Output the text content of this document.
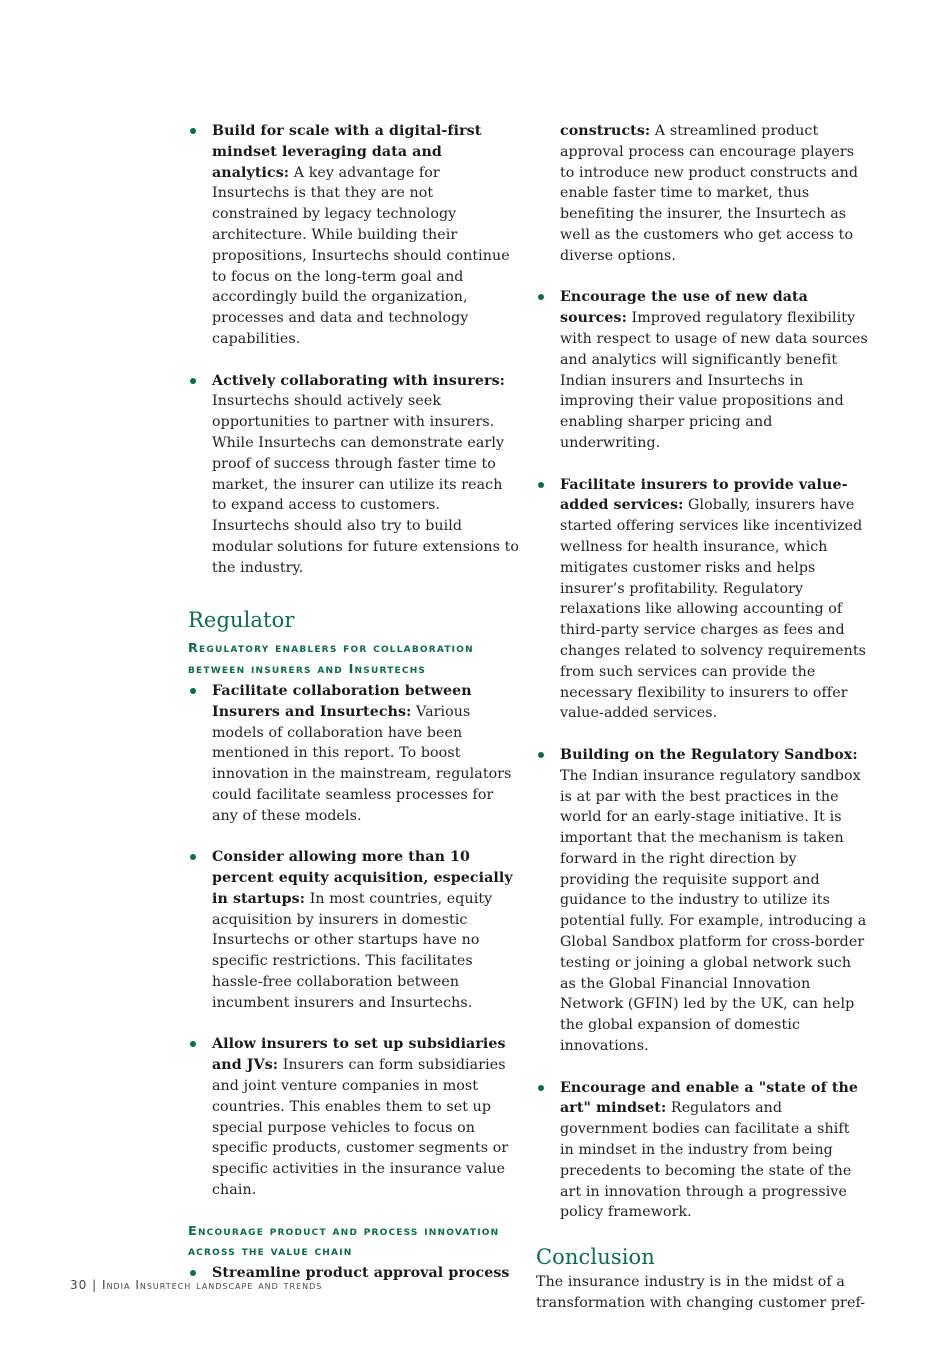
Build for scale with a digital-first mindset leveraging data and analytics: A key advantage for Insurtechs is that they are not constrained by legacy technology architecture. While building their propositions, Insurtechs should continue to focus on the long-term goal and accordingly build the organization, processes and data and technology capabilities.
Actively collaborating with insurers: Insurtechs should actively seek opportunities to partner with insurers. While Insurtechs can demonstrate early proof of success through faster time to market, the insurer can utilize its reach to expand access to customers. Insurtechs should also try to build modular solutions for future extensions to the industry.
Regulator
Regulatory enablers for collaboration between insurers and Insurtechs
Facilitate collaboration between Insurers and Insurtechs: Various models of collaboration have been mentioned in this report. To boost innovation in the mainstream, regulators could facilitate seamless processes for any of these models.
Consider allowing more than 10 percent equity acquisition, especially in startups: In most countries, equity acquisition by insurers in domestic Insurtechs or other startups have no specific restrictions. This facilitates hassle-free collaboration between incumbent insurers and Insurtechs.
Allow insurers to set up subsidiaries and JVs: Insurers can form subsidiaries and joint venture companies in most countries. This enables them to set up special purpose vehicles to focus on specific products, customer segments or specific activities in the insurance value chain.
Encourage product and process innovation across the value chain
Streamline product approval process
constructs: A streamlined product approval process can encourage players to introduce new product constructs and enable faster time to market, thus benefiting the insurer, the Insurtech as well as the customers who get access to diverse options.
Encourage the use of new data sources: Improved regulatory flexibility with respect to usage of new data sources and analytics will significantly benefit Indian insurers and Insurtechs in improving their value propositions and enabling sharper pricing and underwriting.
Facilitate insurers to provide value-added services: Globally, insurers have started offering services like incentivized wellness for health insurance, which mitigates customer risks and helps insurer’s profitability. Regulatory relaxations like allowing accounting of third-party service charges as fees and changes related to solvency requirements from such services can provide the necessary flexibility to insurers to offer value-added services.
Building on the Regulatory Sandbox: The Indian insurance regulatory sandbox is at par with the best practices in the world for an early-stage initiative. It is important that the mechanism is taken forward in the right direction by providing the requisite support and guidance to the industry to utilize its potential fully. For example, introducing a Global Sandbox platform for cross-border testing or joining a global network such as the Global Financial Innovation Network (GFIN) led by the UK, can help the global expansion of domestic innovations.
Encourage and enable a "state of the art" mindset: Regulators and government bodies can facilitate a shift in mindset in the industry from being precedents to becoming the state of the art in innovation through a progressive policy framework.
Conclusion

The insurance industry is in the midst of a transformation with changing customer pref-

30 | India Insurtech landscape and trends
